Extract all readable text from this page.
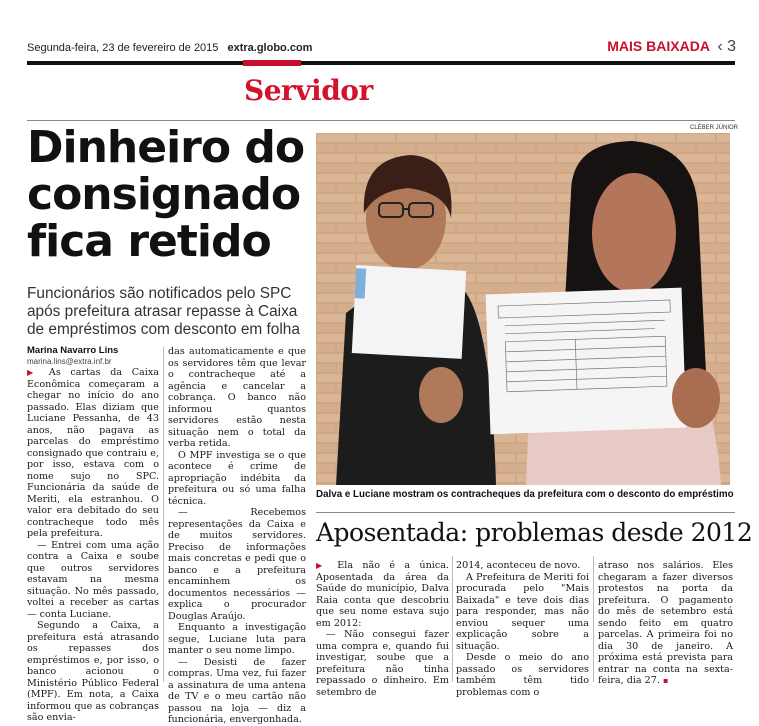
Segunda-feira, 23 de fevereiro de 2015 extra.globo.com	MAIS BAIXADA ‹ 3
Servidor
Dinheiro do consignado fica retido
Funcionários são notificados pelo SPC após prefeitura atrasar repasse à Caixa de empréstimos com desconto em folha
Marina Navarro Lins
marina.lins@extra.inf.br

▶ As cartas da Caixa Econômica começaram a chegar no início do ano passado. Elas diziam que Luciane Pessanha, de 43 anos, não pagava as parcelas do empréstimo consignado que contraiu e, por isso, estava com o nome sujo no SPC. Funcionária da saúde de Meriti, ela estranhou. O valor era debitado do seu contracheque todo mês pela prefeitura.

— Entrei com uma ação contra a Caixa e soube que outros servidores estavam na mesma situação. No mês passado, voltei a receber as cartas — conta Luciane.

Segundo a Caixa, a prefeitura está atrasando os repasses dos empréstimos e, por isso, o banco acionou o Ministério Público Federal (MPF). Em nota, a Caixa informou que as cobranças são envia-

das automaticamente e que os servidores têm que levar o contracheque até a agência e cancelar a cobrança. O banco não informou quantos servidores estão nesta situação nem o total da verba retida.

O MPF investiga se o que acontece é crime de apropriação indébita da prefeitura ou só uma falha técnica.

— Recebemos representações da Caixa e de muitos servidores. Preciso de informações mais concretas e pedi que o banco e a prefeitura encaminhem os documentos necessários — explica o procurador Douglas Araújo.

Enquanto a investigação segue, Luciane luta para manter o seu nome limpo.

— Desisti de fazer compras. Uma vez, fui fazer a assinatura de uma antena de TV e o meu cartão não passou na loja — diz a funcionária, envergonhada.

CLÉBER JÚNIOR
Dalva e Luciane mostram os contracheques da prefeitura com o desconto do empréstimo
Aposentada: problemas desde 2012

▶ Ela não é a única. Aposentada da área da Saúde do município, Dalva Raia conta que descobriu que seu nome estava sujo em 2012:

— Não consegui fazer uma compra e, quando fui investigar, soube que a prefeitura não tinha repassado o dinheiro. Em setembro de

2014, aconteceu de novo.

A Prefeitura de Meriti foi procurada pelo "Mais Baixada" e teve dois dias para responder, mas não enviou sequer uma explicação sobre a situação.

Desde o meio do ano passado os servidores também têm tido problemas com o

atraso nos salários. Eles chegaram a fazer diversos protestos na porta da prefeitura. O pagamento do mês de setembro está sendo feito em quatro parcelas. A primeira foi no dia 30 de janeiro. A próxima está prevista para entrar na conta na sexta-feira, dia 27. ▪
